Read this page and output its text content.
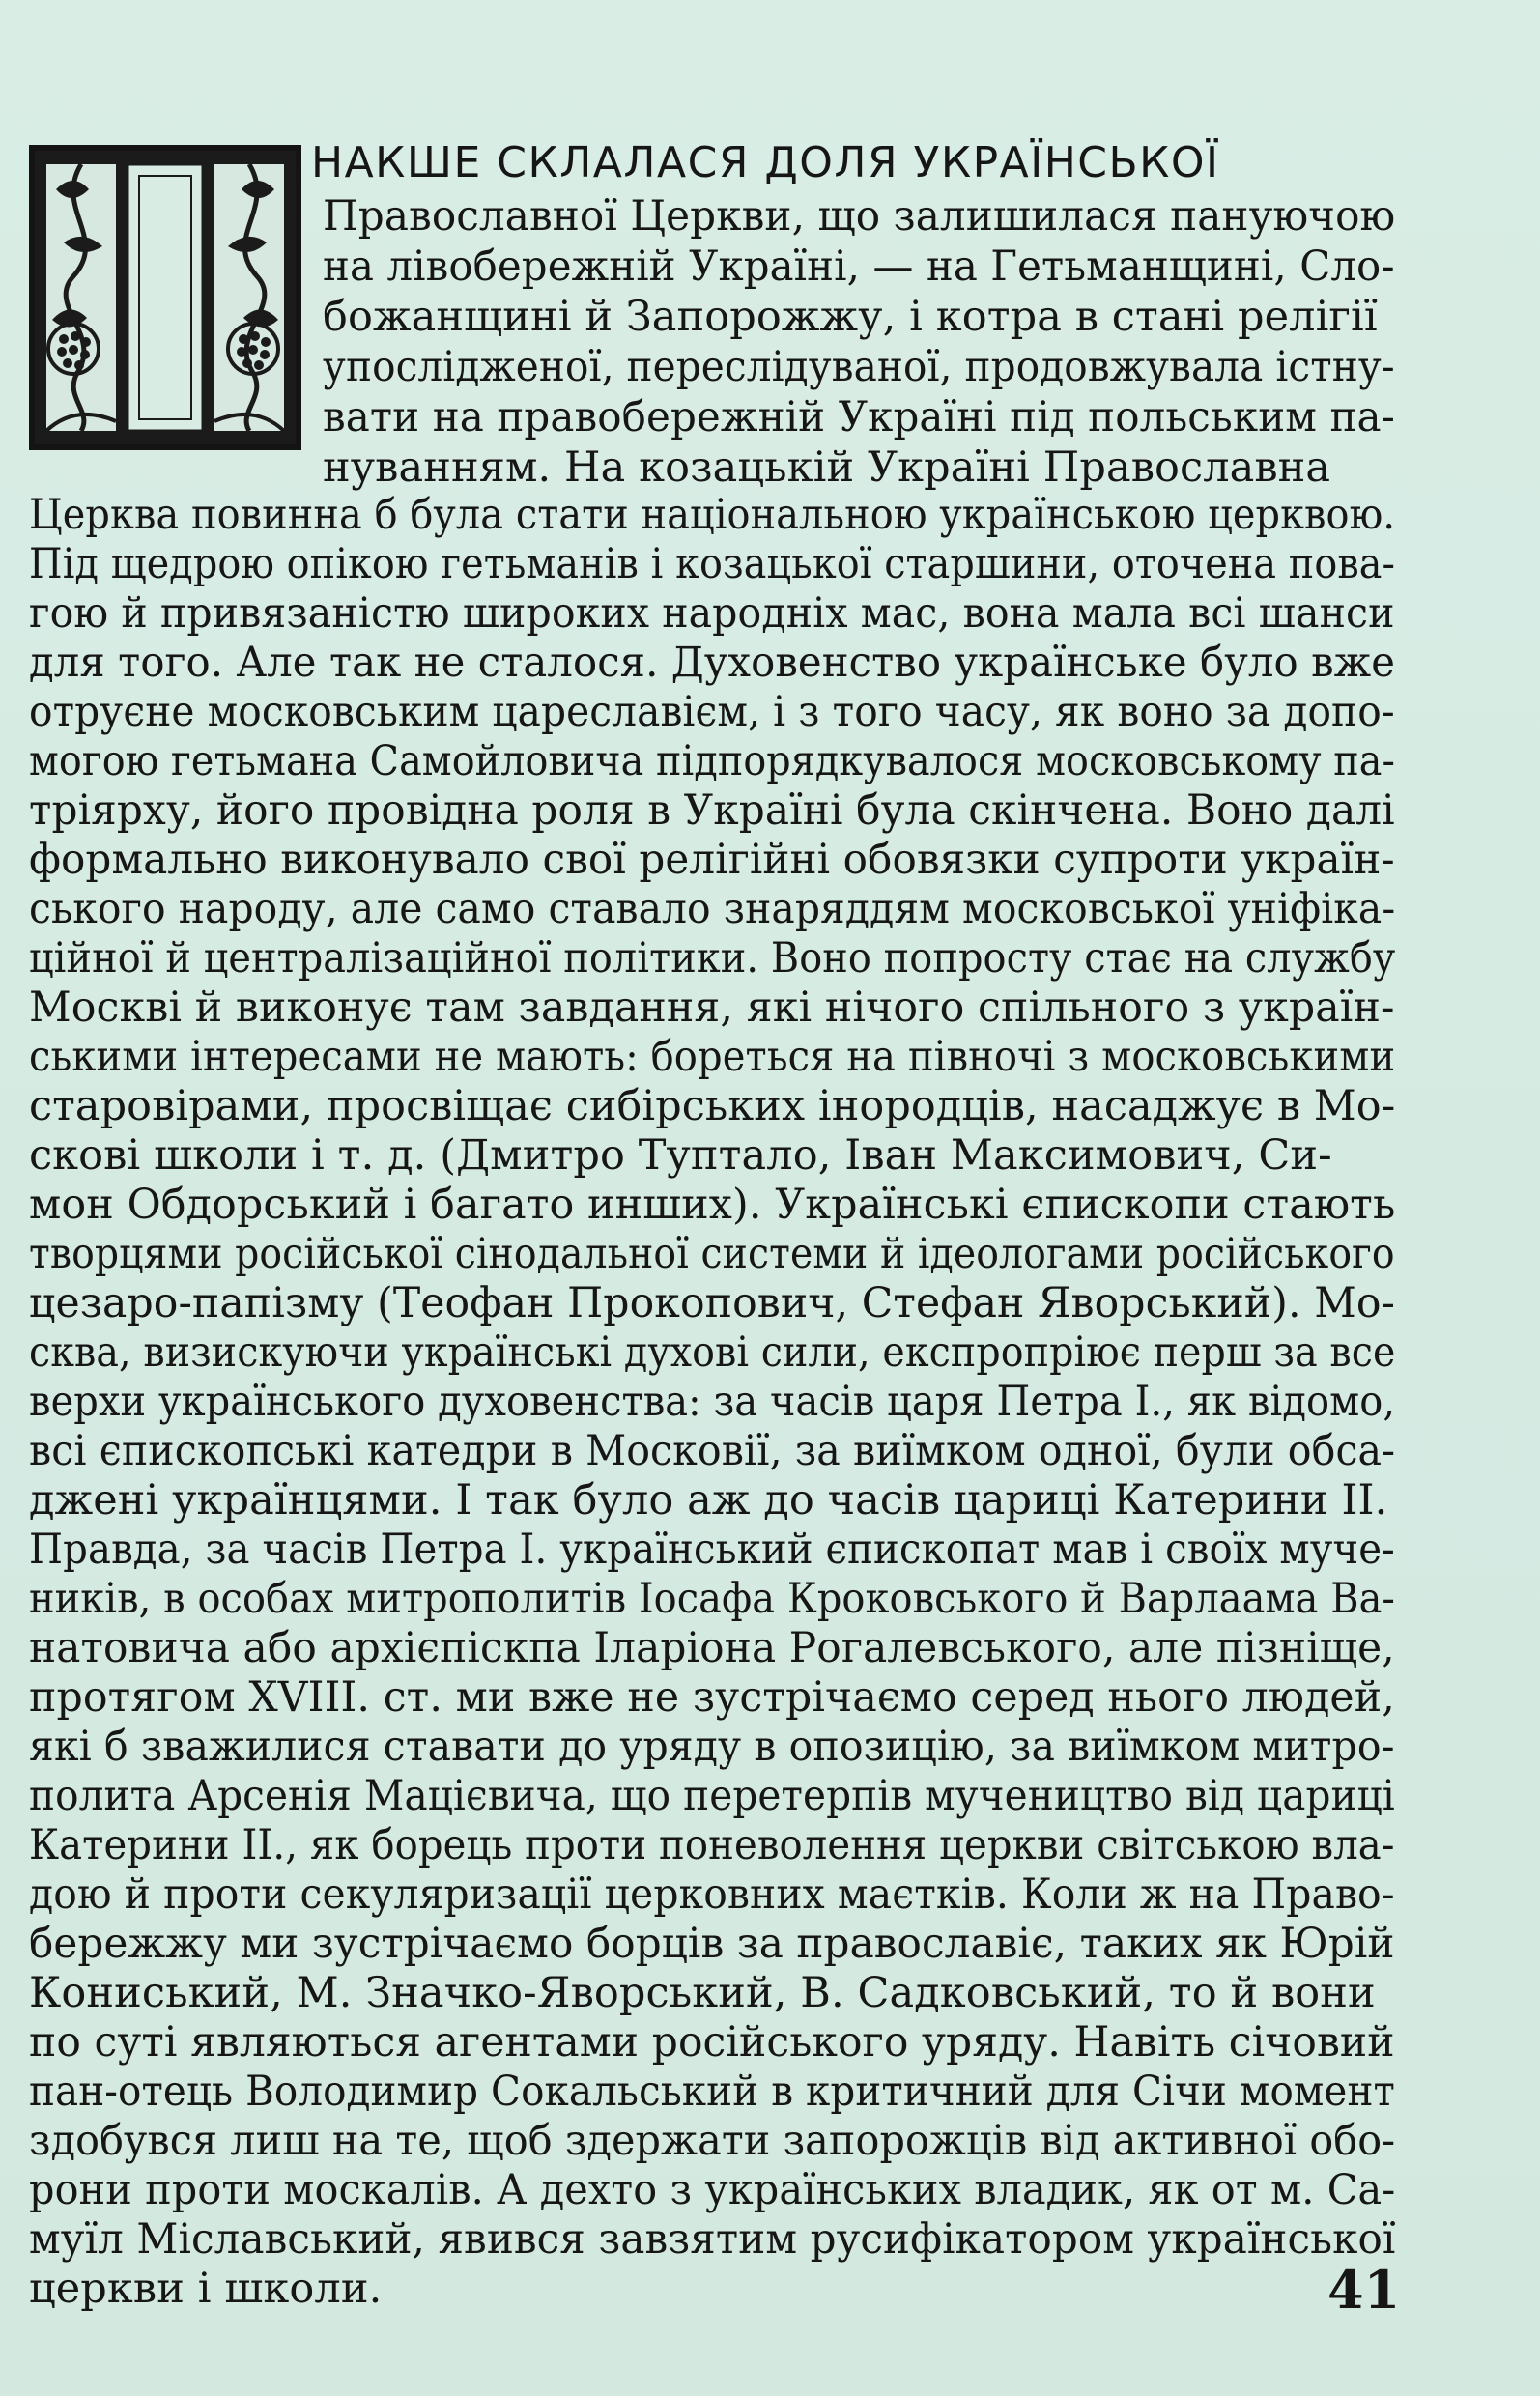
НАКШЕ СКЛАЛАСЯ ДОЛЯ УКРАЇНСЬКОЇ
Православної Церкви, що залишилася пануючою
на лівобережній Україні, — на Гетьманщині, Сло-
божанщині й Запорожжу, і котра в стані релігії
упослідженої, переслідуваної, продовжувала істну-
вати на правобережній Україні під польським па-
нуванням. На козацькій Україні Православна
Церква повинна б була стати національною українською церквою.
Під щедрою опікою гетьманів і козацької старшини, оточена пова-
гою й привязаністю широких народніх мас, вона мала всі шанси
для того. Але так не сталося. Духовенство українське було вже
отруєне московським цареславієм, і з того часу, як воно за допо-
могою гетьмана Самойловича підпорядкувалося московському па-
тріярху, його провідна роля в Україні була скінчена. Воно далі
формально виконувало свої релігійні обовязки супроти україн-
ського народу, але само ставало знаряддям московської уніфіка-
ційної й централізаційної політики. Воно попросту стає на службу
Москві й виконує там завдання, які нічого спільного з україн-
ськими інтересами не мають: бореться на півночі з московськими
старовірами, просвіщає сибірських інородців, насаджує в Мо-
скові школи і т. д. (Дмитро Туптало, Іван Максимович, Си-
мон Обдорський і багато инших). Українські єпископи стають
творцями російської сінодальної системи й ідеологами російського
цезаро-папізму (Теофан Прокопович, Стефан Яворський). Мо-
сква, визискуючи українські духові сили, експропріює перш за все
верхи українського духовенства: за часів царя Петра І., як відомо,
всі єпископські катедри в Московії, за виїмком одної, були обса-
джені українцями. І так було аж до часів цариці Катерини II.
Правда, за часів Петра І. український єпископат мав і своїх муче-
ників, в особах митрополитів Іосафа Кроковського й Варлаама Ва-
натовича або архієпіскпа Іларіона Рогалевського, але пізніще,
протягом XVIII. ст. ми вже не зустрічаємо серед нього людей,
які б зважилися ставати до уряду в опозицію, за виїмком митро-
полита Арсенія Мацієвича, що перетерпів мучеництво від цариці
Катерини II., як борець проти поневолення церкви світською вла-
дою й проти секуляризації церковних маєтків. Коли ж на Право-
бережжу ми зустрічаємо борців за православіє, таких як Юрій
Кониський, М. Значко-Яворський, В. Садковський, то й вони
по суті являються агентами російського уряду. Навіть січовий
пан-отець Володимир Сокальський в критичний для Січи момент
здобувся лиш на те, щоб здержати запорожців від активної обо-
рони проти москалів. А дехто з українських владик, як от м. Са-
муїл Міславський, явився завзятим русифікатором української
церкви і школи.	41
